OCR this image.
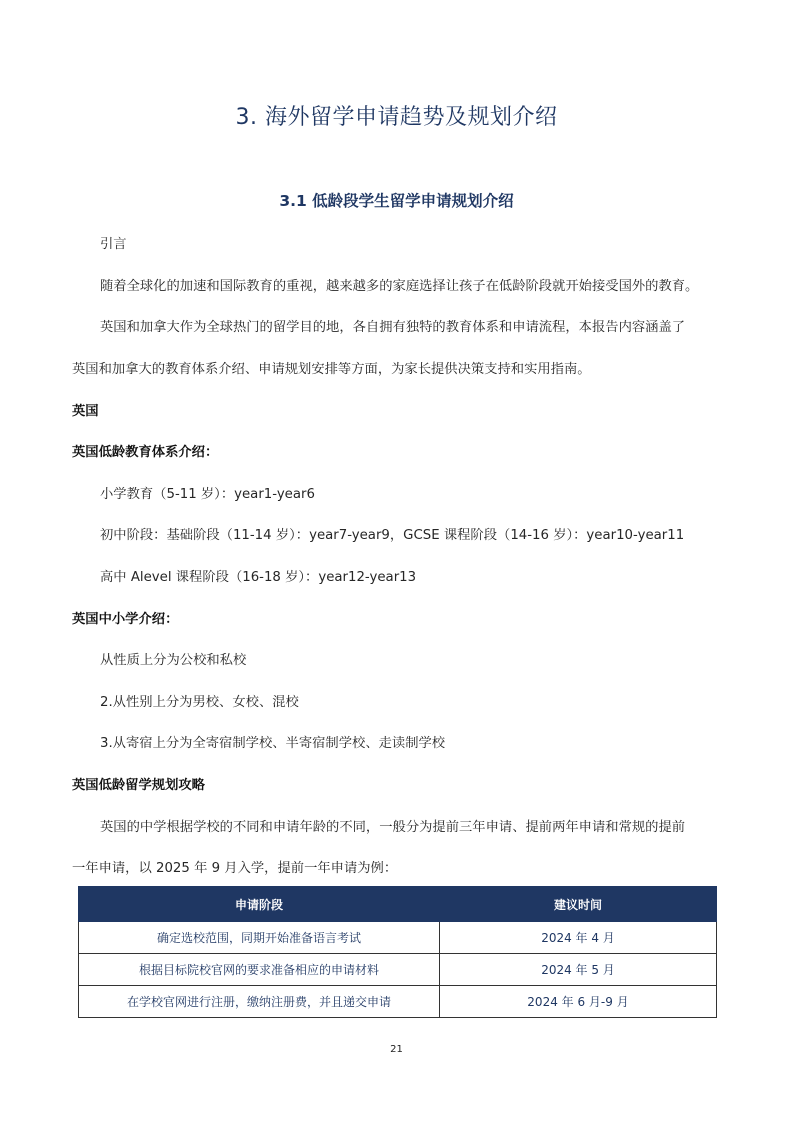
3. 海外留学申请趋势及规划介绍
3.1 低龄段学生留学申请规划介绍
引言
随着全球化的加速和国际教育的重视，越来越多的家庭选择让孩子在低龄阶段就开始接受国外的教育。
英国和加拿大作为全球热门的留学目的地，各自拥有独特的教育体系和申请流程，本报告内容涵盖了
英国和加拿大的教育体系介绍、申请规划安排等方面，为家长提供决策支持和实用指南。
英国
英国低龄教育体系介绍：
小学教育（5-11 岁）：year1-year6
初中阶段：基础阶段（11-14 岁）：year7-year9，GCSE 课程阶段（14-16 岁）：year10-year11
高中 Alevel 课程阶段（16-18 岁）：year12-year13
英国中小学介绍：
从性质上分为公校和私校
2.从性别上分为男校、女校、混校
3.从寄宿上分为全寄宿制学校、半寄宿制学校、走读制学校
英国低龄留学规划攻略
英国的中学根据学校的不同和申请年龄的不同，一般分为提前三年申请、提前两年申请和常规的提前
一年申请，以 2025 年 9 月入学，提前一年申请为例：
申请阶段	建议时间
确定选校范围，同期开始准备语言考试	2024 年 4 月
根据目标院校官网的要求准备相应的申请材料	2024 年 5 月
在学校官网进行注册，缴纳注册费，并且递交申请	2024 年 6 月-9 月
21
